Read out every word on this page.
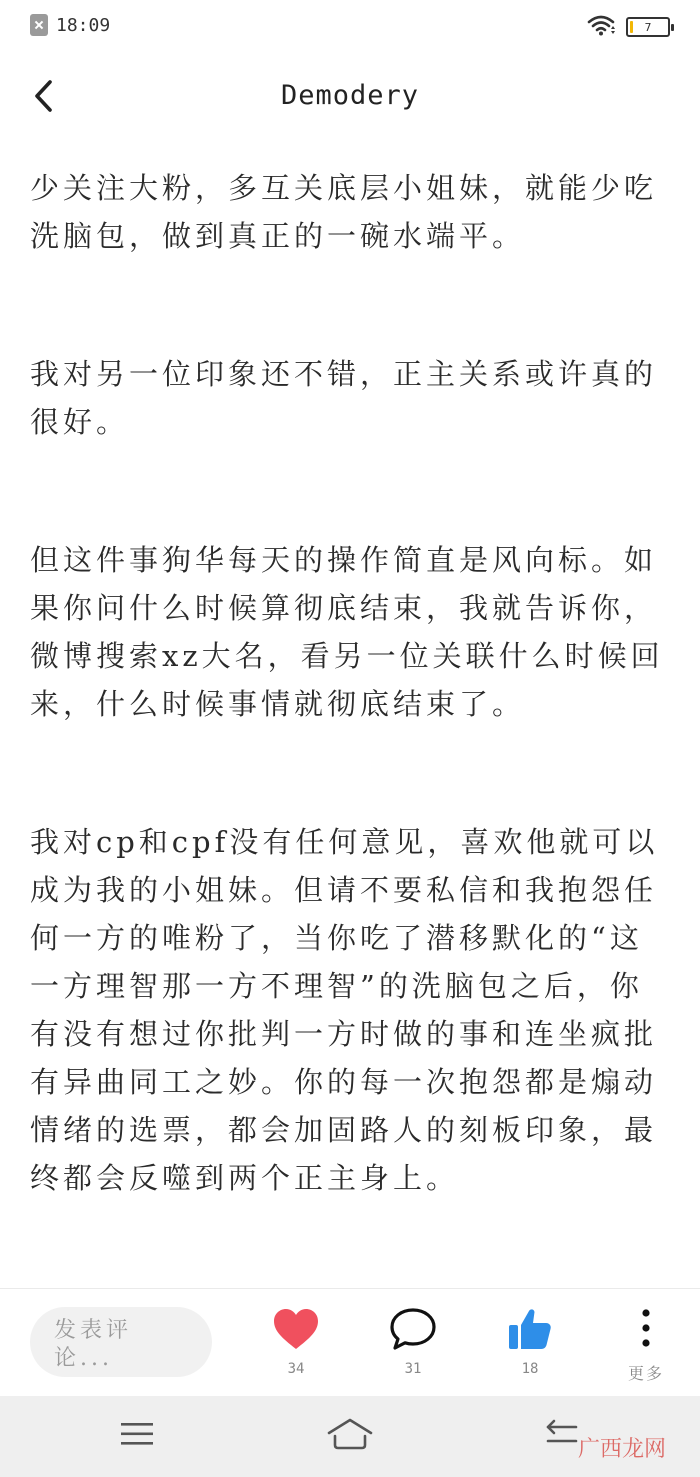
18:09	7
Demodery

少关注大粉，多互关底层小姐妹，就能少吃洗脑包，做到真正的一碗水端平。

我对另一位印象还不错，正主关系或许真的很好。

但这件事狗华每天的操作简直是风向标。如果你问什么时候算彻底结束，我就告诉你，微博搜索xz大名，看另一位关联什么时候回来，什么时候事情就彻底结束了。

我对cp和cpf没有任何意见，喜欢他就可以成为我的小姐妹。但请不要私信和我抱怨任何一方的唯粉了，当你吃了潜移默化的“这一方理智那一方不理智”的洗脑包之后，你有没有想过你批判一方时做的事和连坐疯批有异曲同工之妙。你的每一次抱怨都是煽动情绪的选票，都会加固路人的刻板印象，最终都会反噬到两个正主身上。

发表评论...	34	31	18	更多
广西龙网
